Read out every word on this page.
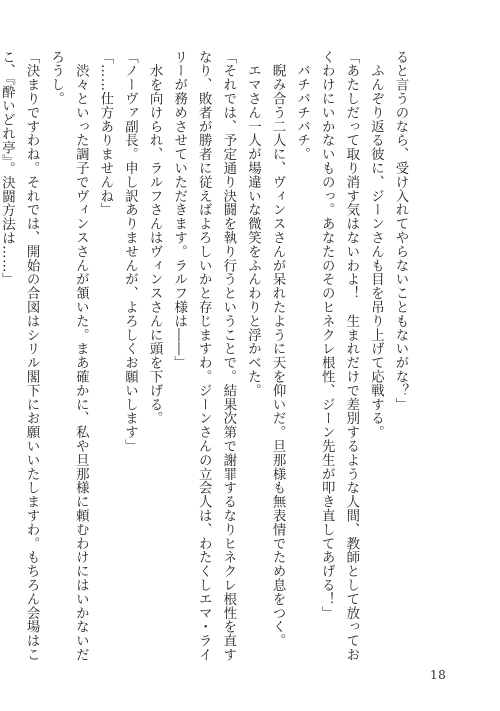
ると言うのなら、受け入れてやらないこともないがな？」

　ふんぞり返る彼に、ジーンさんも目を吊り上げて応戦する。

「あたしだって取り消す気はないわよ！　生まれだけで差別するような人間、教師として放ってお

くわけにいかないものっ。あなたのそのヒネクレ根性、ジーン先生が叩き直してあげる！」

　バチバチバチ。

　睨み合う二人に、ヴィンスさんが呆れたように天を仰いだ。旦那様も無表情でため息をつく。

　エマさん一人が場違いな微笑をふんわりと浮かべた。

「それでは、予定通り決闘を執り行うということで。結果次第で謝罪するなりヒネクレ根性を直す

なり、敗者が勝者に従えばよろしいかと存じますわ。ジーンさんの立会人は、わたくしエマ・ライ

リーが務めさせていただきます。ラルフ様は――」

　水を向けられ、ラルフさんはヴィンスさんに頭を下げる。

「ノーヴァ副長。申し訳ありませんが、よろしくお願いします」

「……仕方ありませんね」

　渋々といった調子でヴィンスさんが頷いた。まあ確かに、私や旦那様に頼むわけにはいかないだ

ろうし。

「決まりですわね。それでは、開始の合図はシリル閣下にお願いいたしますわ。もちろん会場はこ

こ、『酔いどれ亭』。決闘方法は……」

18
